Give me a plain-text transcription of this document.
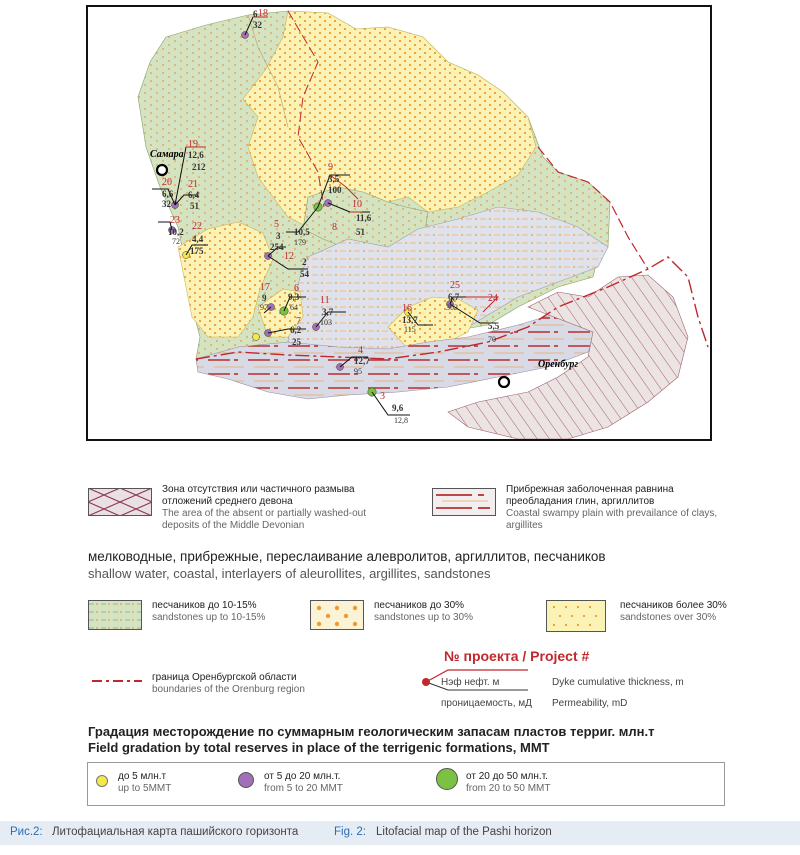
Самара
Оренбург
18
6
32
19
12,6
212
20
6,6
32
21
6,4
51
23
10,2
72
22
4,4
175
9
3,5
100
10
11,6
51
8
10,5
179
5
3
254
12 2
54
17
9,3
64
9
97
6
7
6,2
25
11
3,7
103
16
13,7
115
25
6,7
303
24
5,5
70
4
12,7
95
3
9,6
12,8
Зона отсутствия или частичного размыва отложений среднего девона
The area of the absent or partially washed-out deposits of the Middle Devonian
Прибрежная заболоченная равнина преобладания глин, аргиллитов
Coastal swampy plain with prevailance of clays, argillites
мелководные, прибрежные, переслаивание алевролитов, аргиллитов, песчаников
shallow water, coastal, interlayers of aleurollites, argillites, sandstones
песчаников до 10-15%
sandstones up to 10-15%
песчаников до 30%
sandstones up to 30%
песчаников более 30%
sandstones over 30%
граница Оренбургской области
boundaries of the Orenburg region
№ проекта / Project #
Нэф нефт. м	Dyke cumulative thickness, m
проницаемость, мД Permeability, mD
Градация месторождение по суммарным геологическим запасам пластов терриг. млн.т
Field gradation by total reserves in place of the terrigenic formations, MMT
до 5 млн.т
up to 5MMT
от 5 до 20 млн.т.
from 5 to 20 MMT
от 20 до 50 млн.т.
from 20 to 50 MMT
Рис.2: Литофациальная карта пашийского горизонта	Fig. 2: Litofacial map of the Pashi horizon
